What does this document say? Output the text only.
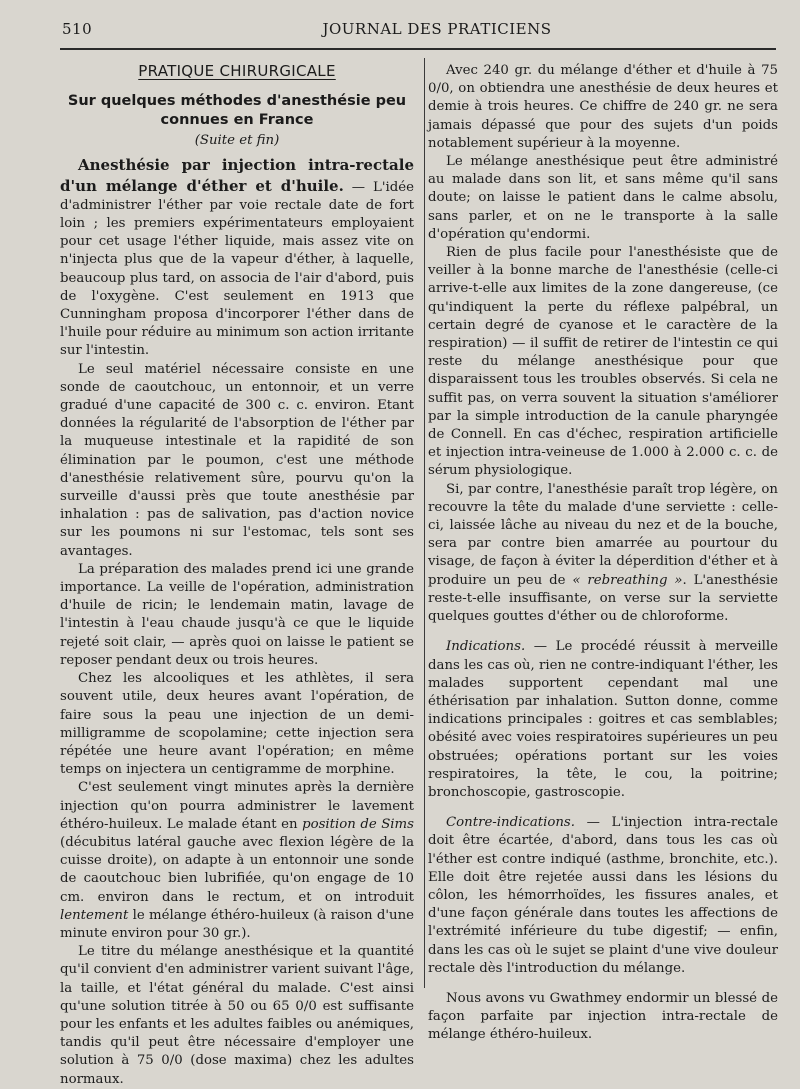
510	JOURNAL DES PRATICIENS
PRATIQUE CHIRURGICALE
Sur quelques méthodes d'anesthésie peu connues en France
(Suite et fin)

Anesthésie par injection intra-rectale d'un mélange d'éther et d'huile. — L'idée d'administrer l'éther par voie rectale date de fort loin ; les premiers expérimentateurs employaient pour cet usage l'éther liquide, mais assez vite on n'injecta plus que de la vapeur d'éther, à laquelle, beaucoup plus tard, on associa de l'air d'abord, puis de l'oxygène. C'est seulement en 1913 que Cunningham proposa d'incorporer l'éther dans de l'huile pour réduire au minimum son action irritante sur l'intestin.

Le seul matériel nécessaire consiste en une sonde de caoutchouc, un entonnoir, et un verre gradué d'une capacité de 300 c. c. environ. Etant données la régularité de l'absorption de l'éther par la muqueuse intestinale et la rapidité de son élimination par le poumon, c'est une méthode d'anesthésie relativement sûre, pourvu qu'on la surveille d'aussi près que toute anesthésie par inhalation : pas de salivation, pas d'action novice sur les poumons ni sur l'estomac, tels sont ses avantages.

La préparation des malades prend ici une grande importance. La veille de l'opération, administration d'huile de ricin; le lendemain matin, lavage de l'intestin à l'eau chaude jusqu'à ce que le liquide rejeté soit clair, — après quoi on laisse le patient se reposer pendant deux ou trois heures.

Chez les alcooliques et les athlètes, il sera souvent utile, deux heures avant l'opération, de faire sous la peau une injection de un demi-milligramme de scopolamine; cette injection sera répétée une heure avant l'opération; en même temps on injectera un centigramme de morphine.

C'est seulement vingt minutes après la dernière injection qu'on pourra administrer le lavement éthéro-huileux. Le malade étant en position de Sims (décubitus latéral gauche avec flexion légère de la cuisse droite), on adapte à un entonnoir une sonde de caoutchouc bien lubrifiée, qu'on engage de 10 cm. environ dans le rectum, et on introduit lentement le mélange éthéro-huileux (à raison d'une minute environ pour 30 gr.).

Le titre du mélange anesthésique et la quantité qu'il convient d'en administrer varient suivant l'âge, la taille, et l'état général du malade. C'est ainsi qu'une solution titrée à 50 ou 65 0/0 est suffisante pour les enfants et les adultes faibles ou anémiques, tandis qu'il peut être nécessaire d'employer une solution à 75 0/0 (dose maxima) chez les adultes normaux.

Avec 240 gr. du mélange d'éther et d'huile à 75 0/0, on obtiendra une anesthésie de deux heures et demie à trois heures. Ce chiffre de 240 gr. ne sera jamais dépassé que pour des sujets d'un poids notablement supérieur à la moyenne.

Le mélange anesthésique peut être administré au malade dans son lit, et sans même qu'il sans doute; on laisse le patient dans le calme absolu, sans parler, et on ne le transporte à la salle d'opération qu'endormi.

Rien de plus facile pour l'anesthésiste que de veiller à la bonne marche de l'anesthésie (celle-ci arrive-t-elle aux limites de la zone dangereuse, (ce qu'indiquent la perte du réflexe palpébral, un certain degré de cyanose et le caractère de la respiration) — il suffit de retirer de l'intestin ce qui reste du mélange anesthésique pour que disparaissent tous les troubles observés. Si cela ne suffit pas, on verra souvent la situation s'améliorer par la simple introduction de la canule pharyngée de Connell. En cas d'échec, respiration artificielle et injection intra-veineuse de 1.000 à 2.000 c. c. de sérum physiologique.

Si, par contre, l'anesthésie paraît trop légère, on recouvre la tête du malade d'une serviette : celle-ci, laissée lâche au niveau du nez et de la bouche, sera par contre bien amarrée au pourtour du visage, de façon à éviter la déperdition d'éther et à produire un peu de « rebreathing ». L'anesthésie reste-t-elle insuffisante, on verse sur la serviette quelques gouttes d'éther ou de chloroforme.

Indications. — Le procédé réussit à merveille dans les cas où, rien ne contre-indiquant l'éther, les malades supportent cependant mal une éthérisation par inhalation. Sutton donne, comme indications principales : goitres et cas semblables; obésité avec voies respiratoires supérieures un peu obstruées; opérations portant sur les voies respiratoires, la tête, le cou, la poitrine; bronchoscopie, gastroscopie.

Contre-indications. — L'injection intra-rectale doit être écartée, d'abord, dans tous les cas où l'éther est contre indiqué (asthme, bronchite, etc.). Elle doit être rejetée aussi dans les lésions du côlon, les hémorrhoïdes, les fissures anales, et d'une façon générale dans toutes les affections de l'extrémité inférieure du tube digestif; — enfin, dans les cas où le sujet se plaint d'une vive douleur rectale dès l'introduction du mélange.

Nous avons vu Gwathmey endormir un blessé de façon parfaite par injection intra-rectale de mélange éthéro-huileux.
